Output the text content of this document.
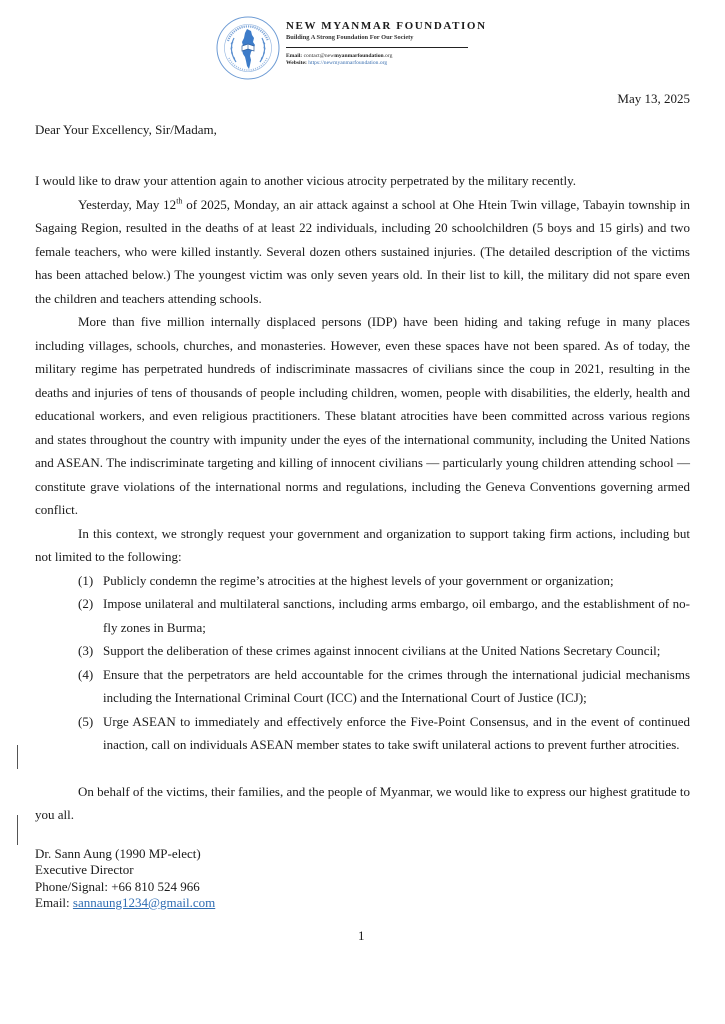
NEW MYANMAR FOUNDATION
Building A Strong Foundation For Our Society
Email: contact@newmyanmarfoundation.org
Website: https://newmyanmarfoundation.org
May 13, 2025
Dear Your Excellency, Sir/Madam,

I would like to draw your attention again to another vicious atrocity perpetrated by the military recently.

Yesterday, May 12th of 2025, Monday, an air attack against a school at Ohe Htein Twin village, Tabayin township in Sagaing Region, resulted in the deaths of at least 22 individuals, including 20 schoolchildren (5 boys and 15 girls) and two female teachers, who were killed instantly. Several dozen others sustained injuries. (The detailed description of the victims has been attached below.) The youngest victim was only seven years old. In their list to kill, the military did not spare even the children and teachers attending schools.

More than five million internally displaced persons (IDP) have been hiding and taking refuge in many places including villages, schools, churches, and monasteries. However, even these spaces have not been spared. As of today, the military regime has perpetrated hundreds of indiscriminate massacres of civilians since the coup in 2021, resulting in the deaths and injuries of tens of thousands of people including children, women, people with disabilities, the elderly, health and educational workers, and even religious practitioners. These blatant atrocities have been committed across various regions and states throughout the country with impunity under the eyes of the international community, including the United Nations and ASEAN. The indiscriminate targeting and killing of innocent civilians — particularly young children attending school — constitute grave violations of the international norms and regulations, including the Geneva Conventions governing armed conflict.

In this context, we strongly request your government and organization to support taking firm actions, including but not limited to the following:

(1) Publicly condemn the regime’s atrocities at the highest levels of your government or organization;
(2) Impose unilateral and multilateral sanctions, including arms embargo, oil embargo, and the establishment of no-fly zones in Burma;
(3) Support the deliberation of these crimes against innocent civilians at the United Nations Secretary Council;
(4) Ensure that the perpetrators are held accountable for the crimes through the international judicial mechanisms including the International Criminal Court (ICC) and the International Court of Justice (ICJ);
(5) Urge ASEAN to immediately and effectively enforce the Five-Point Consensus, and in the event of continued inaction, call on individuals ASEAN member states to take swift unilateral actions to prevent further atrocities.

On behalf of the victims, their families, and the people of Myanmar, we would like to express our highest gratitude to you all.

Dr. Sann Aung (1990 MP-elect)
Executive Director
Phone/Signal: +66 810 524 966
Email: sannaung1234@gmail.com
1
